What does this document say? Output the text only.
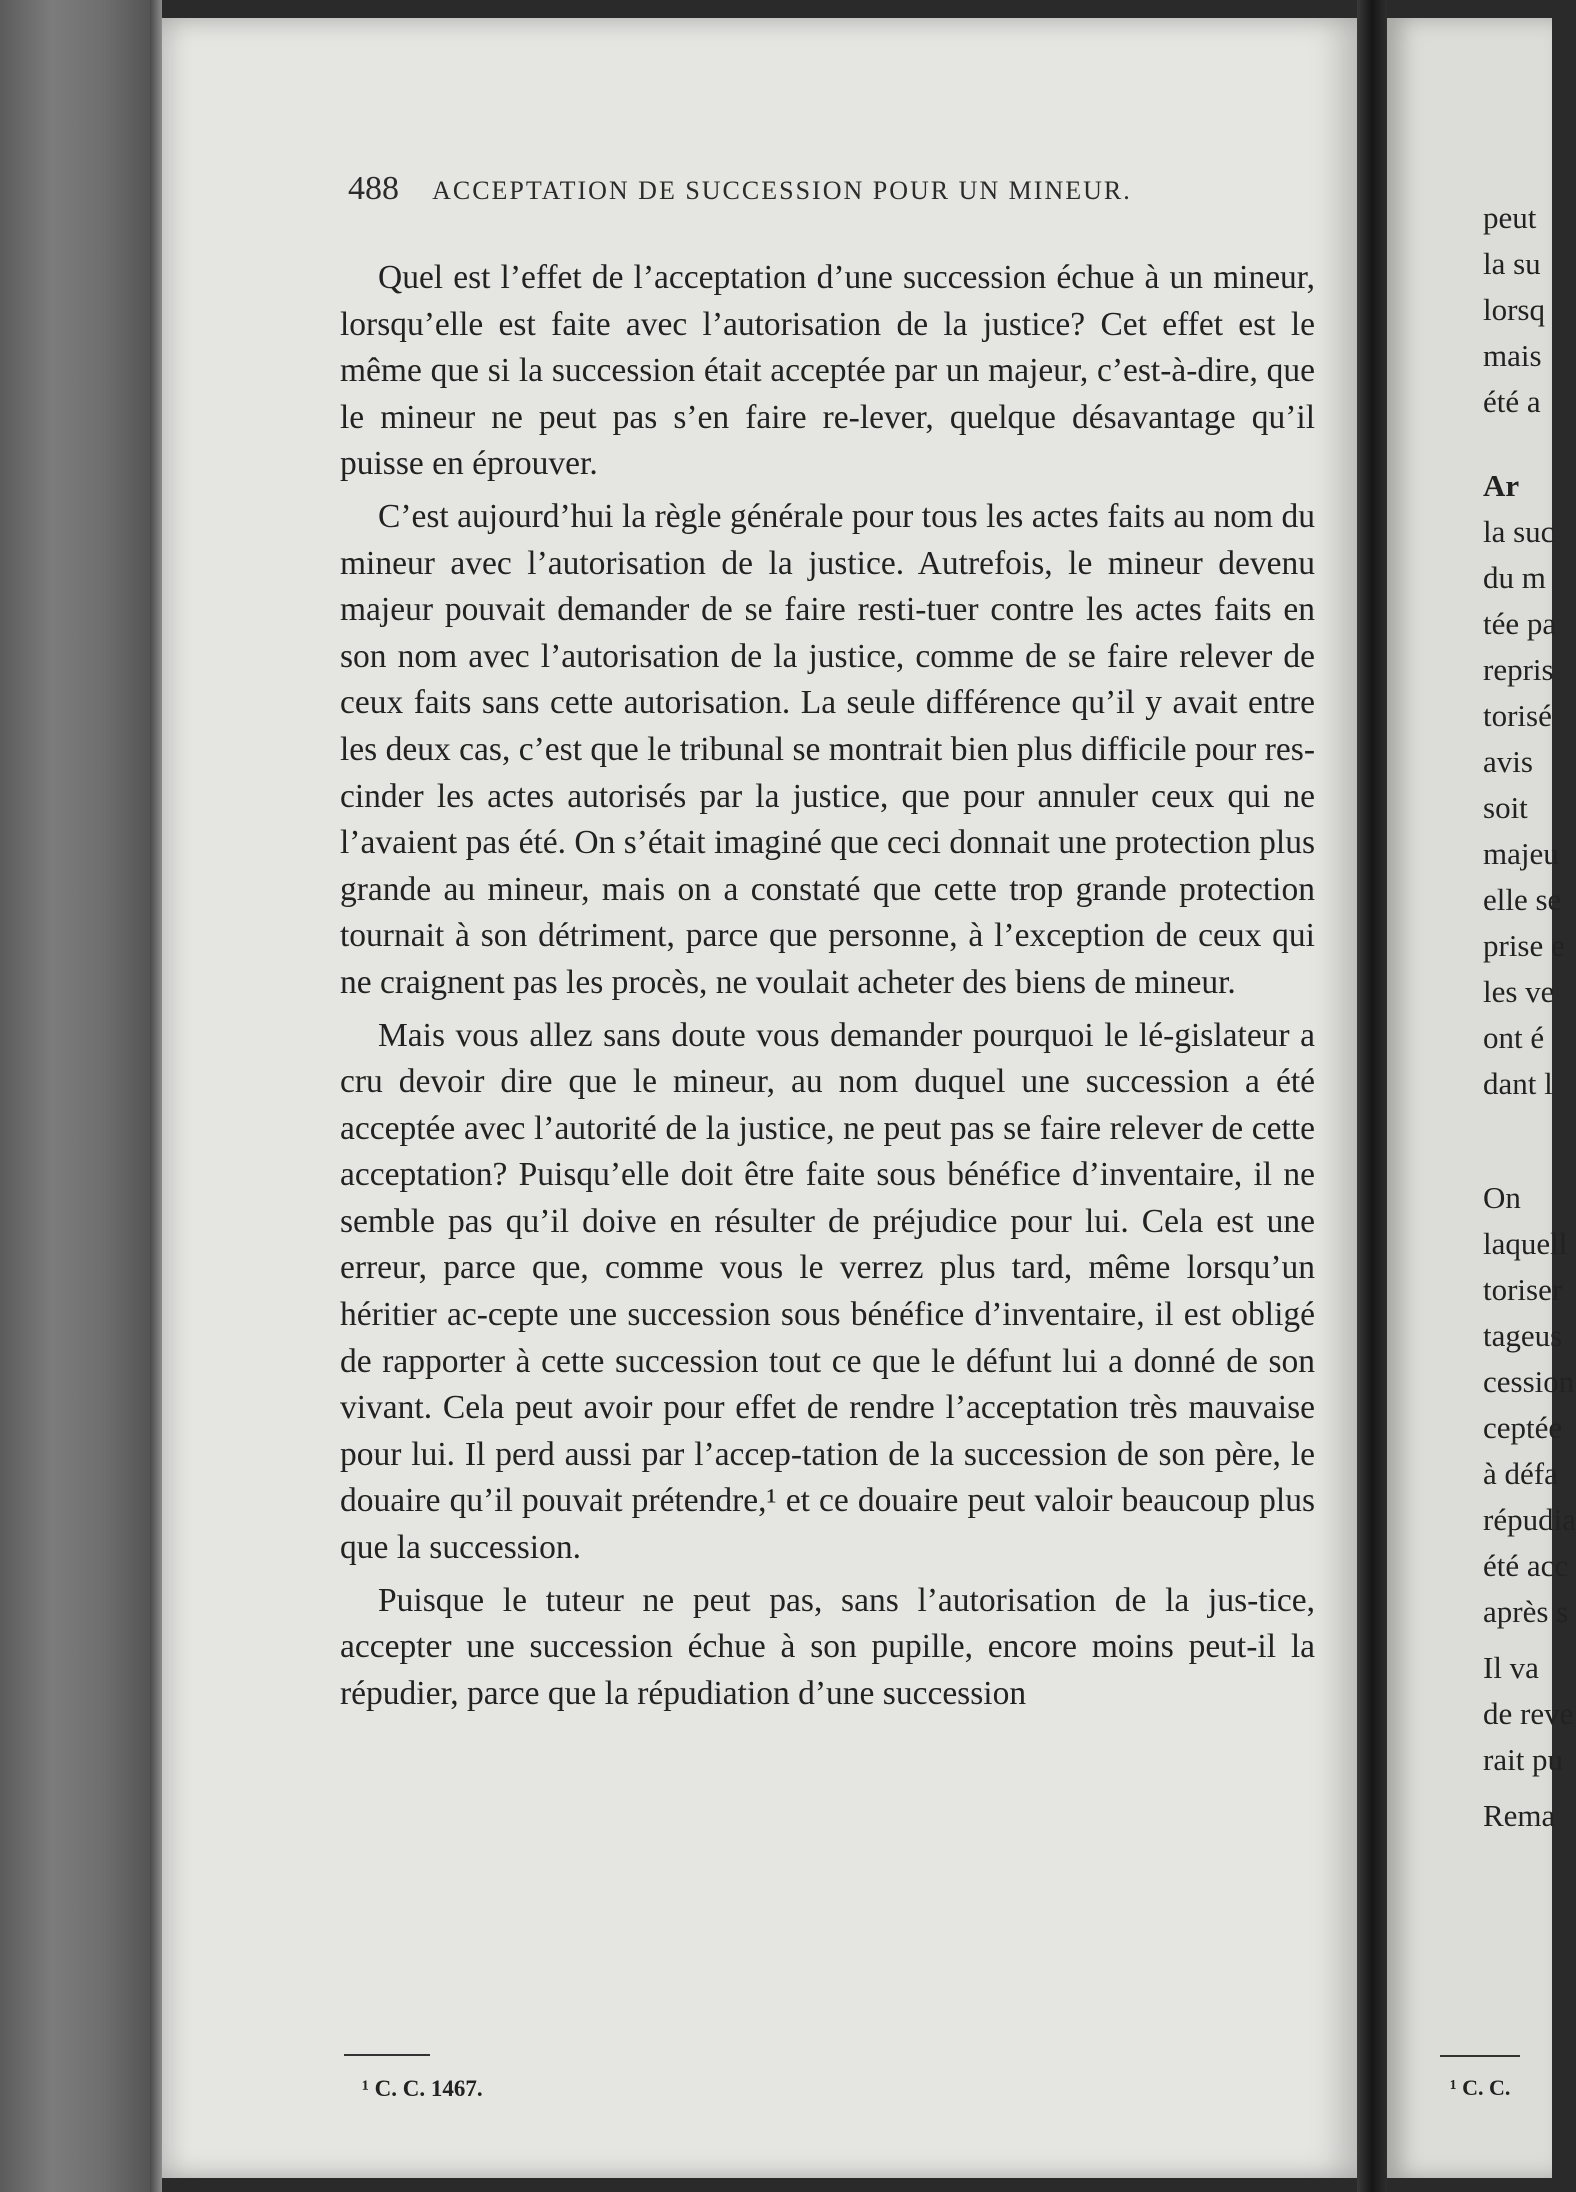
488 ACCEPTATION DE SUCCESSION POUR UN MINEUR.

Quel est l’effet de l’acceptation d’une succession échue à un mineur, lorsqu’elle est faite avec l’autorisation de la justice? Cet effet est le même que si la succession était acceptée par un majeur, c’est-à-dire, que le mineur ne peut pas s’en faire re-lever, quelque désavantage qu’il puisse en éprouver.

C’est aujourd’hui la règle générale pour tous les actes faits au nom du mineur avec l’autorisation de la justice. Autrefois, le mineur devenu majeur pouvait demander de se faire resti-tuer contre les actes faits en son nom avec l’autorisation de la justice, comme de se faire relever de ceux faits sans cette autorisation. La seule différence qu’il y avait entre les deux cas, c’est que le tribunal se montrait bien plus difficile pour res-cinder les actes autorisés par la justice, que pour annuler ceux qui ne l’avaient pas été. On s’était imaginé que ceci donnait une protection plus grande au mineur, mais on a constaté que cette trop grande protection tournait à son détriment, parce que personne, à l’exception de ceux qui ne craignent pas les procès, ne voulait acheter des biens de mineur.

Mais vous allez sans doute vous demander pourquoi le lé-gislateur a cru devoir dire que le mineur, au nom duquel une succession a été acceptée avec l’autorité de la justice, ne peut pas se faire relever de cette acceptation? Puisqu’elle doit être faite sous bénéfice d’inventaire, il ne semble pas qu’il doive en résulter de préjudice pour lui. Cela est une erreur, parce que, comme vous le verrez plus tard, même lorsqu’un héritier ac-cepte une succession sous bénéfice d’inventaire, il est obligé de rapporter à cette succession tout ce que le défunt lui a donné de son vivant. Cela peut avoir pour effet de rendre l’acceptation très mauvaise pour lui. Il perd aussi par l’accep-tation de la succession de son père, le douaire qu’il pouvait prétendre,¹ et ce douaire peut valoir beaucoup plus que la succession.

Puisque le tuteur ne peut pas, sans l’autorisation de la jus-tice, accepter une succession échue à son pupille, encore moins peut-il la répudier, parce que la répudiation d’une succession

¹ C. C. 1467.
peut
la su
lorsq
mais
été a
Ar
la suc
du m
tée pa
repris
torisé
avis
soit
majeu
elle se
prise e
les ve
ont é
dant l
On
laquell
toriser
tageus
cession
ceptée
à défa
répudia
été acc
après s
Il va
de reve
rait pu
Rema
¹ C. C.
